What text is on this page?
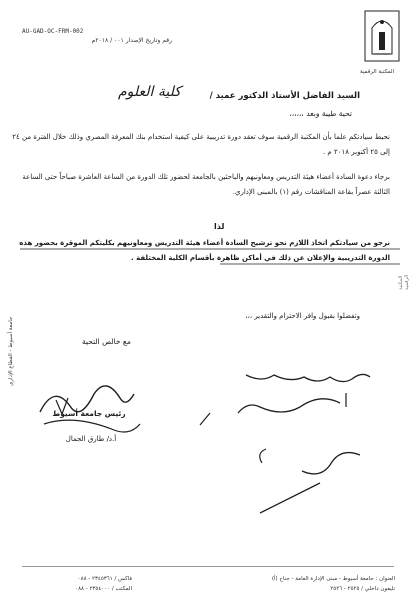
AU-GAD-OC-FRM-002
رقم وتاريخ الإصدار ٠٠١ / ٢٠١٨م
المكتبة الرقمية
السيد الفاضل الأستاذ الدكتور عميد /
كلية العلوم
تحية طيبة وبعد ،،،،،،
نحيط سيادتكم علما بأن المكتبة الرقمية سوف تعقد دورة تدريبية على كيفية استخدام بنك المعرفة المصري وذلك خلال الفترة من ٢٤ إلى ٢٥ أكتوبر ٢٠١٨ م .
برجاء دعوة السادة أعضاء هيئة التدريس ومعاونيهم والباحثين بالجامعة لحضور تلك الدورة من الساعة العاشرة صباحاً حتى الساعة الثالثة عصراً بقاعة المناقشات رقم (١) بالمبنى الإداري.
لذا
نرجو من سيادتكم اتخاذ اللازم نحو ترشيح السادة أعضاء هيئة التدريس ومعاونيهم بكليتكم الموقرة بحضور هذه الدورة التدريبية والإعلان عن ذلك في أماكن ظاهرة بأقسام الكلية المختلفة .
وتفضلوا بقبول وافر الاحترام والتقدير ،،،
رئيس جامعة أسيوط
أ.د/ طارق الجمال
مع خالص التحية
جامعة أسيوط - القطاع الإداري
المكتبة الرقمية
فاكس / ٢٣٤٥٣٦١ - ٠٨٨
المكتب / ٢٣٥٤٠٠٠ - ٠٨٨
العنوان : جامعة أسيوط - مبنى الإدارة العامة - جناح (أ)
تليفون داخلي / ٢٥٢٥ - ٢٥٢٦
